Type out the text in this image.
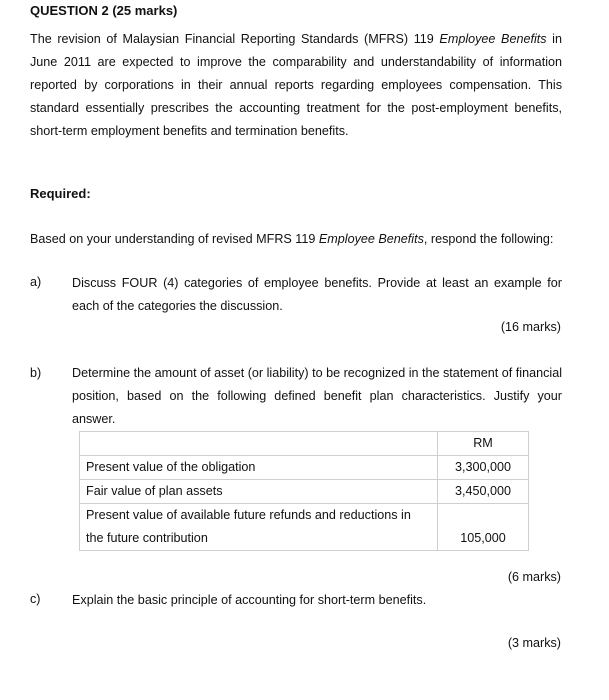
QUESTION 2 (25 marks)
The revision of Malaysian Financial Reporting Standards (MFRS) 119 Employee Benefits in June 2011 are expected to improve the comparability and understandability of information reported by corporations in their annual reports regarding employees compensation. This standard essentially prescribes the accounting treatment for the post-employment benefits, short-term employment benefits and termination benefits.
Required:
Based on your understanding of revised MFRS 119 Employee Benefits, respond the following:
a) Discuss FOUR (4) categories of employee benefits. Provide at least an example for each of the categories the discussion.
(16 marks)
b) Determine the amount of asset (or liability) to be recognized in the statement of financial position, based on the following defined benefit plan characteristics. Justify your answer.
	RM
Present value of the obligation	3,300,000
Fair value of plan assets	3,450,000
Present value of available future refunds and reductions in the future contribution	105,000
(6 marks)
c)	Explain the basic principle of accounting for short-term benefits.
(3 marks)
